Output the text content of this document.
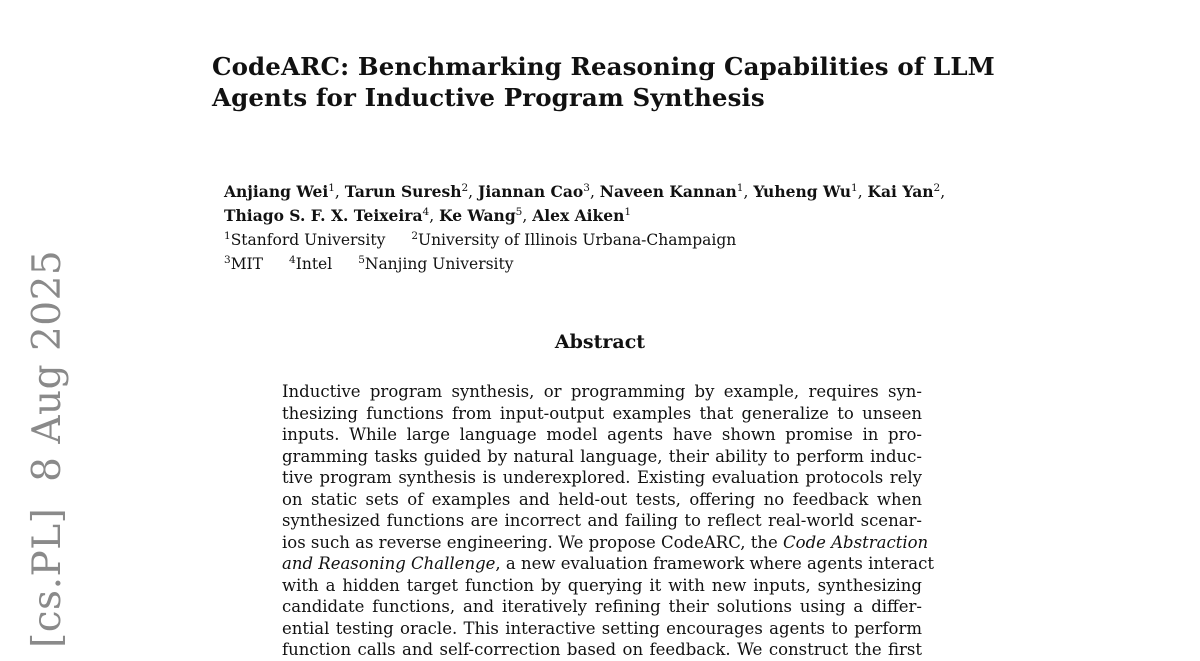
CodeARC: Benchmarking Reasoning Capabilities of LLM
Agents for Inductive Program Synthesis
Anjiang Wei$^1$, Tarun Suresh$^2$, Jiannan Cao$^3$, Naveen Kannan$^1$, Yuheng Wu$^1$, Kai Yan$^2$,
Thiago S. F. X. Teixeira$^4$, Ke Wang$^5$, Alex Aiken$^1$
$^1$Stanford University $^2$University of Illinois Urbana-Champaign
$^3$MIT $^4$Intel $^5$Nanjing University
Abstract
Inductive program synthesis, or programming by example, requires syn-
thesizing functions from input-output examples that generalize to unseen
inputs. While large language model agents have shown promise in pro-
gramming tasks guided by natural language, their ability to perform induc-
tive program synthesis is underexplored. Existing evaluation protocols rely
on static sets of examples and held-out tests, offering no feedback when
synthesized functions are incorrect and failing to reflect real-world scenar-
ios such as reverse engineering. We propose CodeARC, the Code Abstraction
and Reasoning Challenge, a new evaluation framework where agents interact
with a hidden target function by querying it with new inputs, synthesizing
candidate functions, and iteratively refining their solutions using a differ-
ential testing oracle. This interactive setting encourages agents to perform
function calls and self-correction based on feedback. We construct the first
[cs.PL]  8 Aug 2025
